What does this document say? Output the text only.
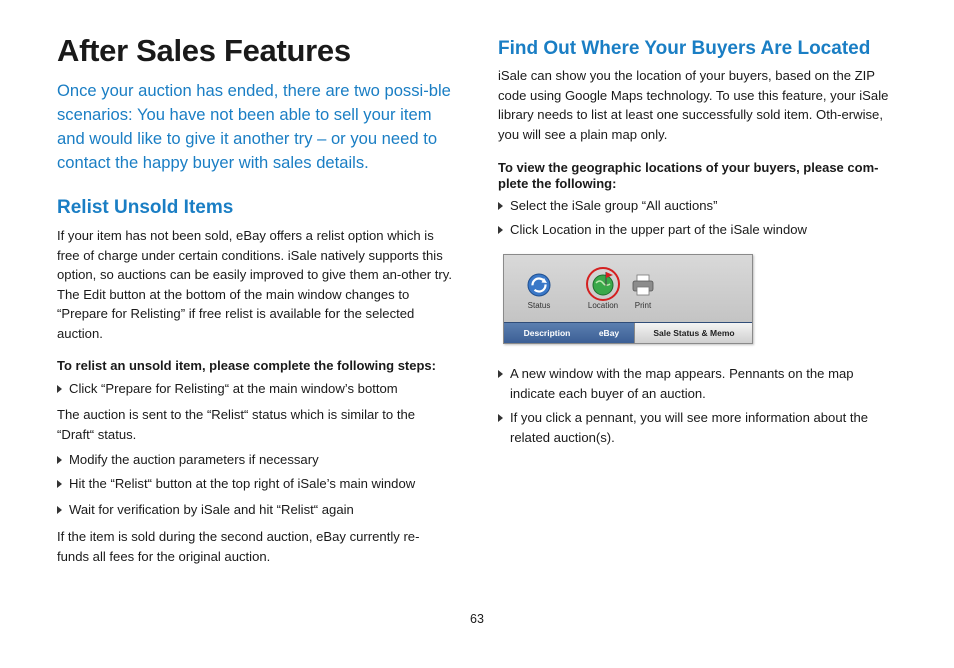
After Sales Features

Once your auction has ended, there are two possi-ble scenarios: You have not been able to sell your item and would like to give it another try – or you need to contact the happy buyer with sales details.

Relist Unsold Items

If your item has not been sold, eBay offers a relist option which is free of charge under certain conditions. iSale natively supports this option, so auctions can be easily improved to give them an-other try. The Edit button at the bottom of the main window changes to “Prepare for Relisting” if free relist is available for the selected auction.

To relist an unsold item, please complete the following steps:

Click “Prepare for Relisting“ at the main window’s bottom

The auction is sent to the “Relist“ status which is similar to the “Draft“ status.

Modify the auction parameters if necessary
Hit the “Relist“ button at the top right of iSale’s main window
Wait for verification by iSale and hit “Relist“ again

If the item is sold during the second auction, eBay currently re-funds all fees for the original auction.

Find Out Where Your Buyers Are Located

iSale can show you the location of your buyers, based on the ZIP code using Google Maps technology. To use this feature, your iSale library needs to list at least one successfully sold item. Oth-erwise, you will see a plain map only.

To view the geographic locations of your buyers, please com-plete the following:

Select the iSale group “All auctions”
Click Location in the upper part of the iSale window
Status	Location	Print
Description	eBay	Sale Status & Memo
A new window with the map appears. Pennants on the map indicate each buyer of an auction.
If you click a pennant, you will see more information about the related auction(s).
63
